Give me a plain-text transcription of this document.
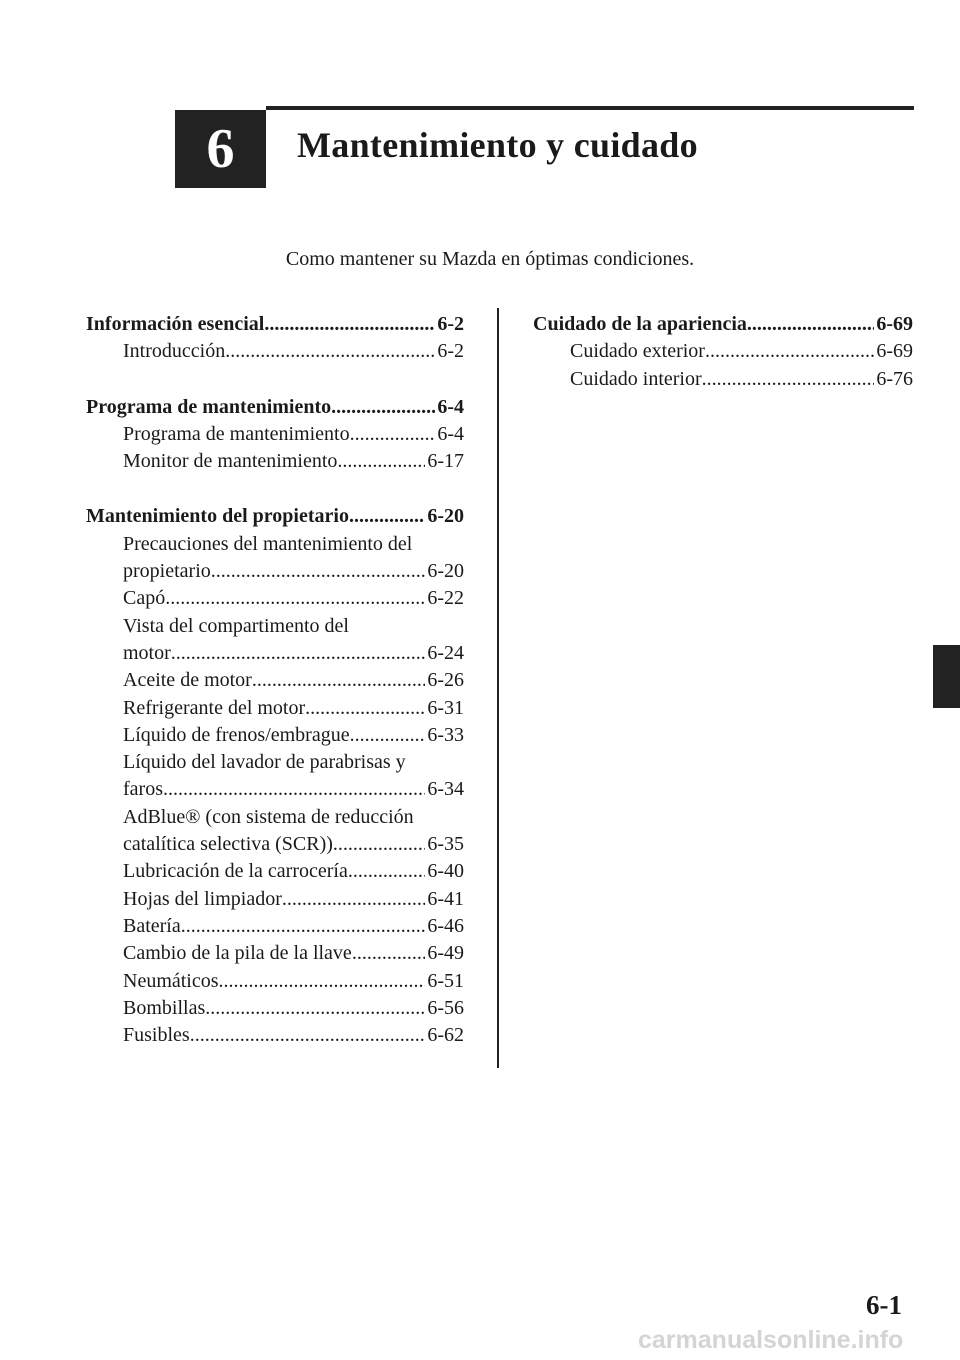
6 Mantenimiento y cuidado
Como mantener su Mazda en óptimas condiciones.
Información esencial .....	6-2
Introducción .....	6-2
Programa de mantenimiento .....	6-4
Programa de mantenimiento .....	6-4
Monitor de mantenimiento .....	6-17
Mantenimiento del propietario .....	6-20
Precauciones del mantenimiento del
propietario .....	6-20
Capó .....	6-22
Vista del compartimento del
motor .....	6-24
Aceite de motor .....	6-26
Refrigerante del motor .....	6-31
Líquido de frenos/embrague .....	6-33
Líquido del lavador de parabrisas y
faros .....	6-34
AdBlue® (con sistema de reducción
catalítica selectiva (SCR)) .....	6-35
Lubricación de la carrocería .....	6-40
Hojas del limpiador .....	6-41
Batería .....	6-46
Cambio de la pila de la llave .....	6-49
Neumáticos .....	6-51
Bombillas .....	6-56
Fusibles .....	6-62
Cuidado de la apariencia .....	6-69
Cuidado exterior .....	6-69
Cuidado interior .....	6-76
6-1
carmanualsonline.info
